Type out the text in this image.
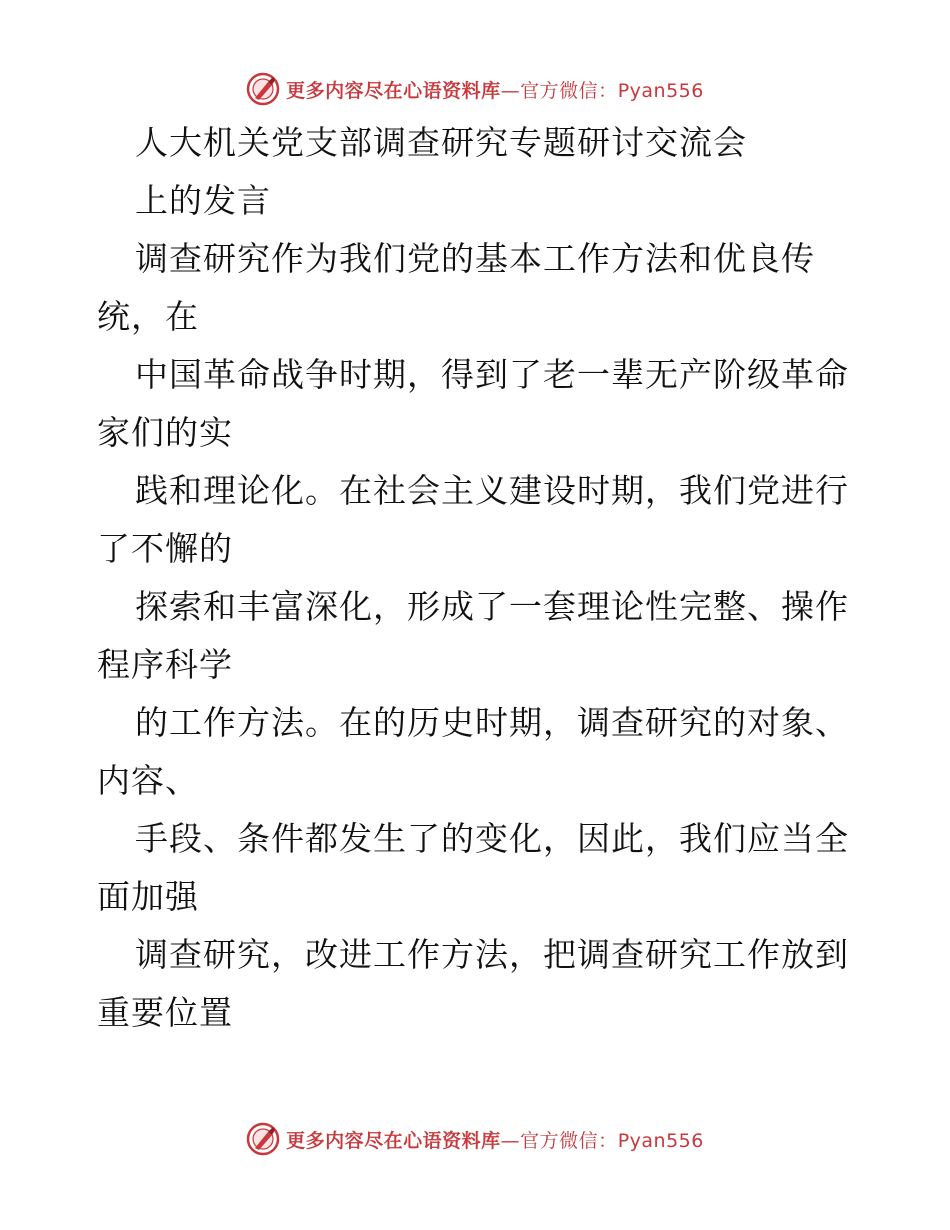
更多内容尽在心语资料库—官方微信：Pyan556
人大机关党支部调查研究专题研讨交流会
上的发言
调查研究作为我们党的基本工作方法和优良传
统，在
中国革命战争时期，得到了老一辈无产阶级革命
家们的实
践和理论化。在社会主义建设时期，我们党进行
了不懈的
探索和丰富深化，形成了一套理论性完整、操作
程序科学
的工作方法。在的历史时期，调查研究的对象、
内容、
手段、条件都发生了的变化，因此，我们应当全
面加强
调查研究，改进工作方法，把调查研究工作放到
重要位置
更多内容尽在心语资料库—官方微信：Pyan556
